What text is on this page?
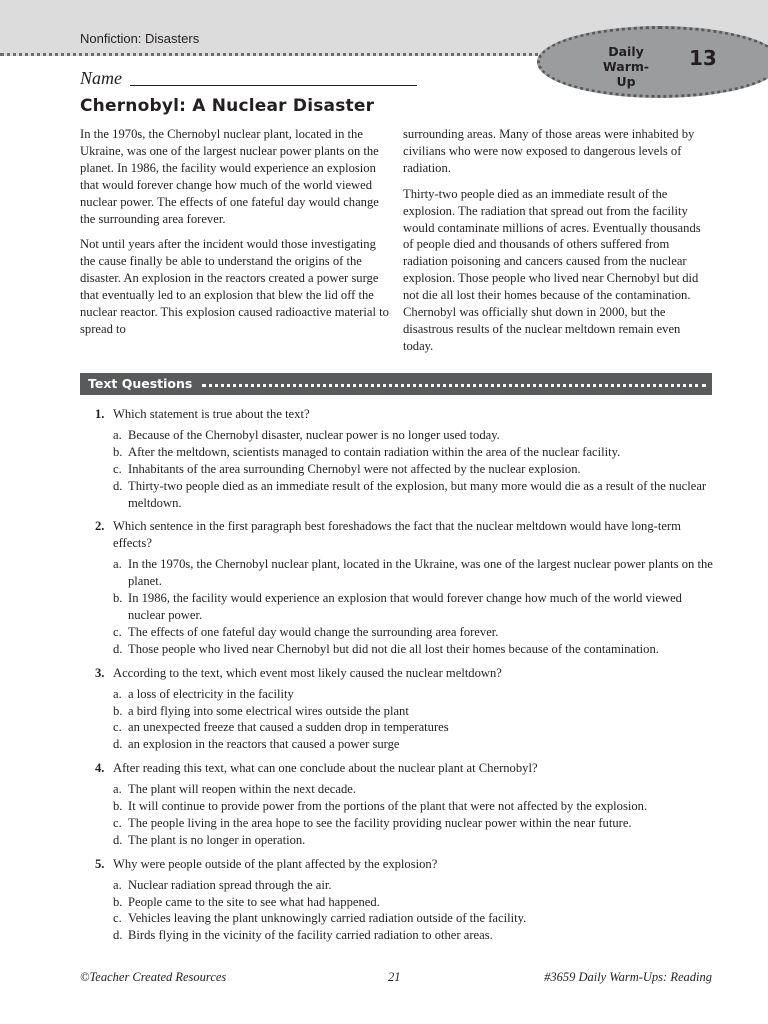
Nonfiction: Disasters
Daily
Warm-Up
13
Name
Chernobyl: A Nuclear Disaster

In the 1970s, the Chernobyl nuclear plant, located in the Ukraine, was one of the largest nuclear power plants on the planet. In 1986, the facility would experience an explosion that would forever change how much of the world viewed nuclear power. The effects of one fateful day would change the surrounding area forever.

Not until years after the incident would those investigating the cause finally be able to understand the origins of the disaster. An explosion in the reactors created a power surge that eventually led to an explosion that blew the lid off the nuclear reactor. This explosion caused radioactive material to spread to

surrounding areas. Many of those areas were inhabited by civilians who were now exposed to dangerous levels of radiation.

Thirty-two people died as an immediate result of the explosion. The radiation that spread out from the facility would contaminate millions of acres. Eventually thousands of people died and thousands of others suffered from radiation poisoning and cancers caused from the nuclear explosion. Those people who lived near Chernobyl but did not die all lost their homes because of the contamination. Chernobyl was officially shut down in 2000, but the disastrous results of the nuclear meltdown remain even today.

Text Questions
1. Which statement is true about the text?
a. Because of the Chernobyl disaster, nuclear power is no longer used today.
b. After the meltdown, scientists managed to contain radiation within the area of the nuclear facility.
c. Inhabitants of the area surrounding Chernobyl were not affected by the nuclear explosion.
d. Thirty-two people died as an immediate result of the explosion, but many more would die as a result of the nuclear meltdown.
2. Which sentence in the first paragraph best foreshadows the fact that the nuclear meltdown would have long-term effects?
a. In the 1970s, the Chernobyl nuclear plant, located in the Ukraine, was one of the largest nuclear power plants on the planet.
b. In 1986, the facility would experience an explosion that would forever change how much of the world viewed nuclear power.
c. The effects of one fateful day would change the surrounding area forever.
d. Those people who lived near Chernobyl but did not die all lost their homes because of the contamination.
3. According to the text, which event most likely caused the nuclear meltdown?
a. a loss of electricity in the facility
b. a bird flying into some electrical wires outside the plant
c. an unexpected freeze that caused a sudden drop in temperatures
d. an explosion in the reactors that caused a power surge
4. After reading this text, what can one conclude about the nuclear plant at Chernobyl?
a. The plant will reopen within the next decade.
b. It will continue to provide power from the portions of the plant that were not affected by the explosion.
c. The people living in the area hope to see the facility providing nuclear power within the near future.
d. The plant is no longer in operation.
5. Why were people outside of the plant affected by the explosion?
a. Nuclear radiation spread through the air.
b. People came to the site to see what had happened.
c. Vehicles leaving the plant unknowingly carried radiation outside of the facility.
d. Birds flying in the vicinity of the facility carried radiation to other areas.
©Teacher Created Resources	21	#3659 Daily Warm-Ups: Reading
